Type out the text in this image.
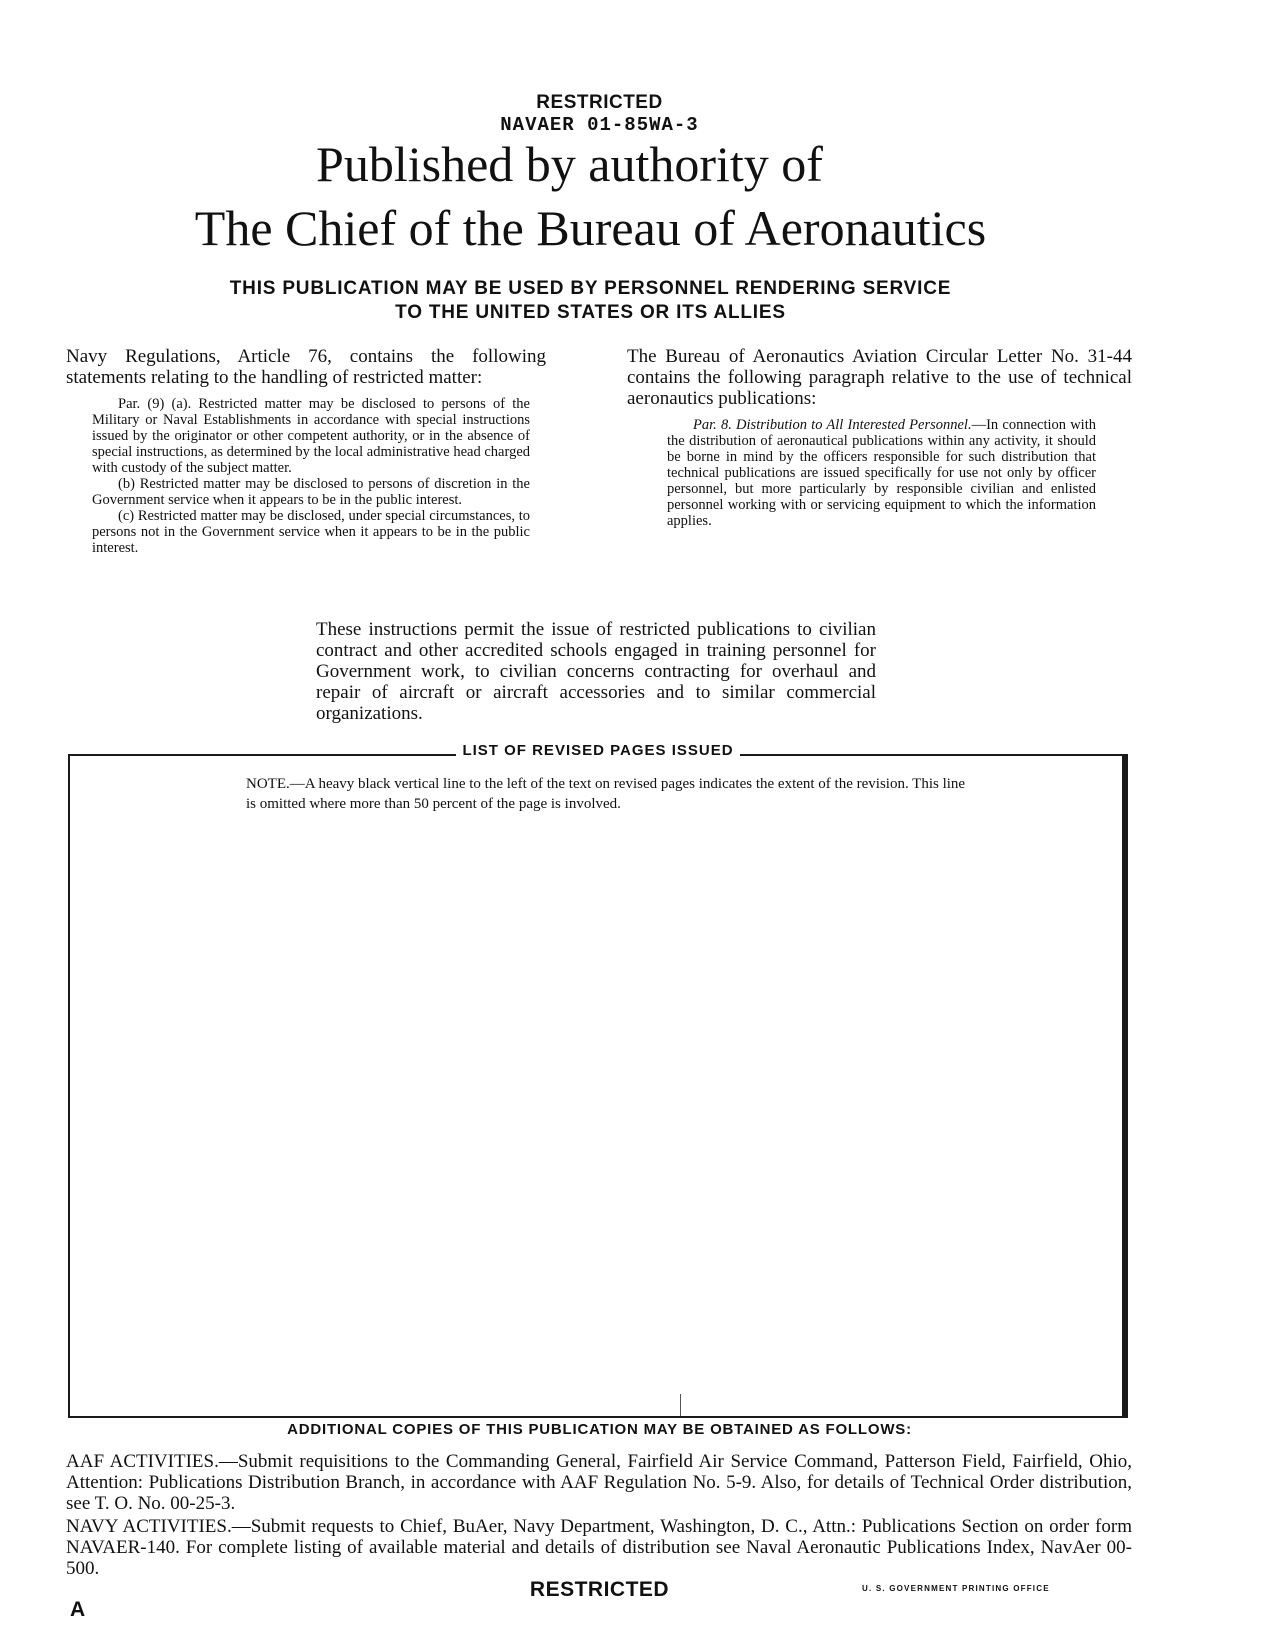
RESTRICTED
NAVAER 01-85WA-3
Published by authority of
The Chief of the Bureau of Aeronautics
THIS PUBLICATION MAY BE USED BY PERSONNEL RENDERING SERVICE
TO THE UNITED STATES OR ITS ALLIES

Navy Regulations, Article 76, contains the following statements relating to the handling of restricted matter:

Par. (9) (a). Restricted matter may be disclosed to persons of the Military or Naval Establishments in accordance with special instructions issued by the originator or other competent authority, or in the absence of special instructions, as determined by the local administrative head charged with custody of the subject matter.

(b) Restricted matter may be disclosed to persons of discretion in the Government service when it appears to be in the public interest.

(c) Restricted matter may be disclosed, under special circumstances, to persons not in the Government service when it appears to be in the public interest.

The Bureau of Aeronautics Aviation Circular Letter No. 31-44 contains the following paragraph relative to the use of technical aeronautics publications:

Par. 8. Distribution to All Interested Personnel.—In connection with the distribution of aeronautical publications within any activity, it should be borne in mind by the officers responsible for such distribution that technical publications are issued specifically for use not only by officer personnel, but more particularly by responsible civilian and enlisted personnel working with or servicing equipment to which the information applies.

These instructions permit the issue of restricted publications to civilian contract and other accredited schools engaged in training personnel for Government work, to civilian concerns contracting for overhaul and repair of aircraft or aircraft accessories and to similar commercial organizations.
LIST OF REVISED PAGES ISSUED
NOTE.—A heavy black vertical line to the left of the text on revised pages indicates the extent of the revision. This line is omitted where more than 50 percent of the page is involved.
ADDITIONAL COPIES OF THIS PUBLICATION MAY BE OBTAINED AS FOLLOWS:
AAF ACTIVITIES.—Submit requisitions to the Commanding General, Fairfield Air Service Command, Patterson Field, Fairfield, Ohio, Attention: Publications Distribution Branch, in accordance with AAF Regulation No. 5-9. Also, for details of Technical Order distribution, see T. O. No. 00-25-3.
NAVY ACTIVITIES.—Submit requests to Chief, BuAer, Navy Department, Washington, D. C., Attn.: Publications Section on order form NAVAER-140. For complete listing of available material and details of distribution see Naval Aeronautic Publications Index, NavAer 00-500.
RESTRICTED
A
U. S. GOVERNMENT PRINTING OFFICE
